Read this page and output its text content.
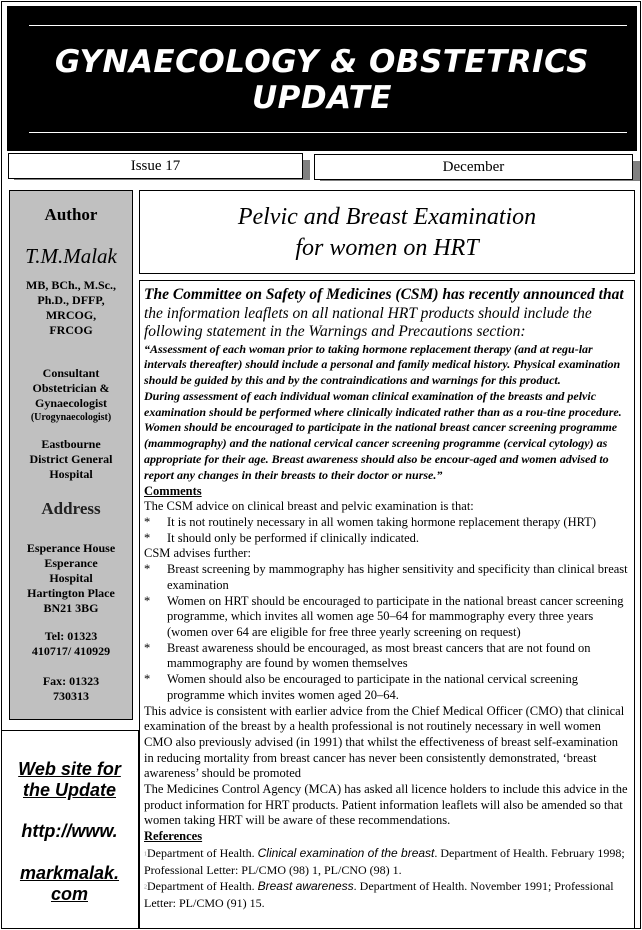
GYNAECOLOGY & OBSTETRICS
UPDATE
Issue 17	December
Author
T.M.Malak
MB, BCh., M.Sc.,
Ph.D., DFFP,
MRCOG,
FRCOG
Consultant
Obstetrician &
Gynaecologist
(Urogynaecologist)
Eastbourne
District General
Hospital
Address
Esperance House
Esperance
Hospital
Hartington Place
BN21 3BG
Tel: 01323
410717/ 410929
Fax: 01323
730313
Web site for
the Update
http://www.
markmalak.
com
Pelvic and Breast Examination
for women on HRT
The Committee on Safety of Medicines (CSM) has recently announced that the information leaflets on all national HRT products should include the following statement in the Warnings and Precautions section:
“Assessment of each woman prior to taking hormone replacement therapy (and at regu-lar intervals thereafter) should include a personal and family medical history. Physical examination should be guided by this and by the contraindications and warnings for this product.
During assessment of each individual woman clinical examination of the breasts and pelvic examination should be performed where clinically indicated rather than as a rou-tine procedure.
Women should be encouraged to participate in the national breast cancer screening programme (mammography) and the national cervical cancer screening programme (cervical cytology) as appropriate for their age. Breast awareness should also be encour-aged and women advised to report any changes in their breasts to their doctor or nurse.”
Comments
The CSM advice on clinical breast and pelvic examination is that:
*	It is not routinely necessary in all women taking hormone replacement therapy (HRT)
*	It should only be performed if clinically indicated.
CSM advises further:
*	Breast screening by mammography has higher sensitivity and specificity than clinical breast examination
*	Women on HRT should be encouraged to participate in the national breast cancer screening programme, which invites all women age 50–64 for mammography every three years (women over 64 are eligible for free three yearly screening on request)
*	Breast awareness should be encouraged, as most breast cancers that are not found on mammography are found by women themselves
*	Women should also be encouraged to participate in the national cervical screening programme which invites women aged 20–64.
This advice is consistent with earlier advice from the Chief Medical Officer (CMO) that clinical examination of the breast by a health professional is not routinely necessary in well women CMO also previously advised (in 1991) that whilst the effectiveness of breast self-examination in reducing mortality from breast cancer has never been consistently demonstrated, ‘breast awareness’ should be promoted
The Medicines Control Agency (MCA) has asked all licence holders to include this advice in the product information for HRT products. Patient information leaflets will also be amended so that women taking HRT will be aware of these recommendations.
References
1Department of Health. Clinical examination of the breast. Department of Health. February 1998; Professional Letter: PL/CMO (98) 1, PL/CNO (98) 1.
2Department of Health. Breast awareness. Department of Health. November 1991; Professional Letter: PL/CMO (91) 15.
